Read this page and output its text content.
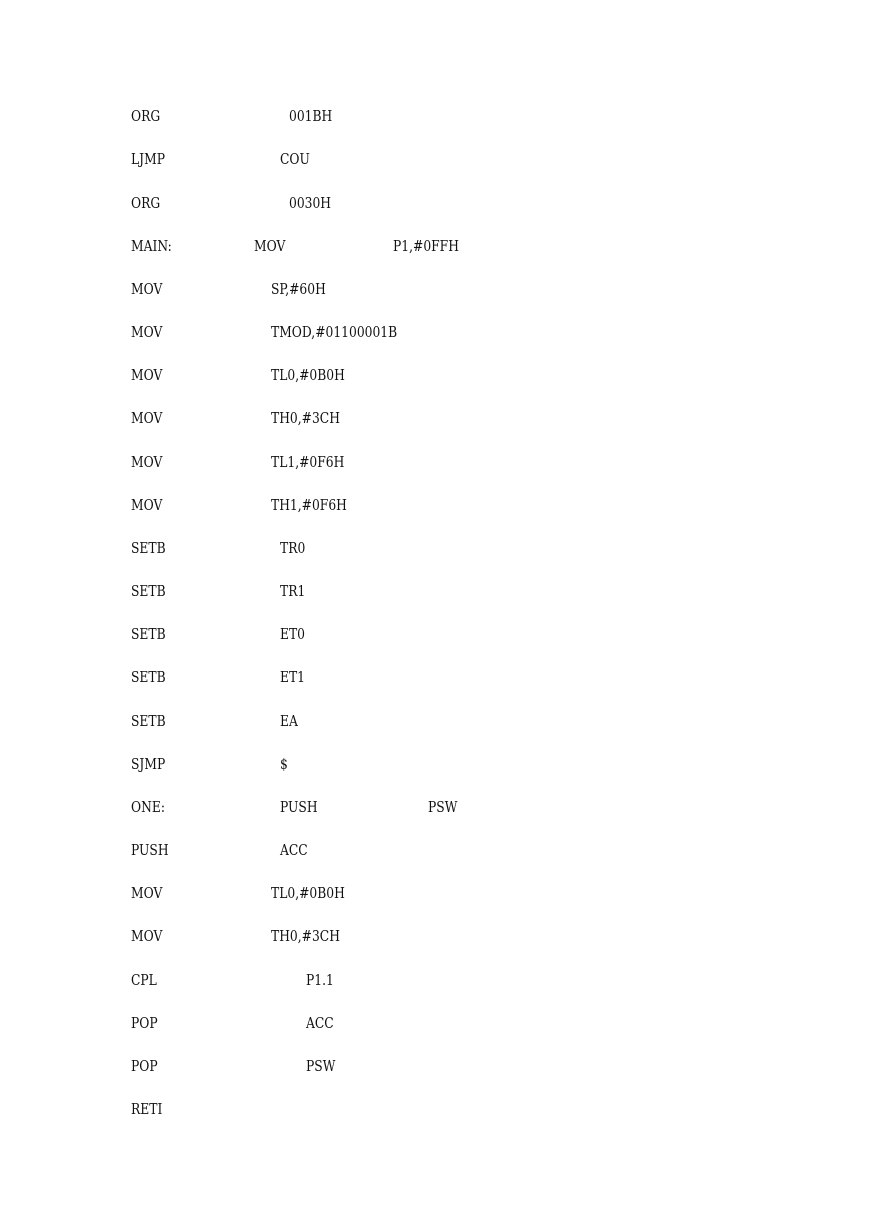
ORG	001BH
LJMP	COU
ORG	0030H
MAIN:	MOV	P1,#0FFH
MOV	SP,#60H
MOV	TMOD,#01100001B
MOV	TL0,#0B0H
MOV	TH0,#3CH
MOV	TL1,#0F6H
MOV	TH1,#0F6H
SETB	TR0
SETB	TR1
SETB	ET0
SETB	ET1
SETB	EA
SJMP	$
ONE:	PUSH	PSW
PUSH	ACC
MOV	TL0,#0B0H
MOV	TH0,#3CH
CPL	P1.1
POP	ACC
POP	PSW
RETI
